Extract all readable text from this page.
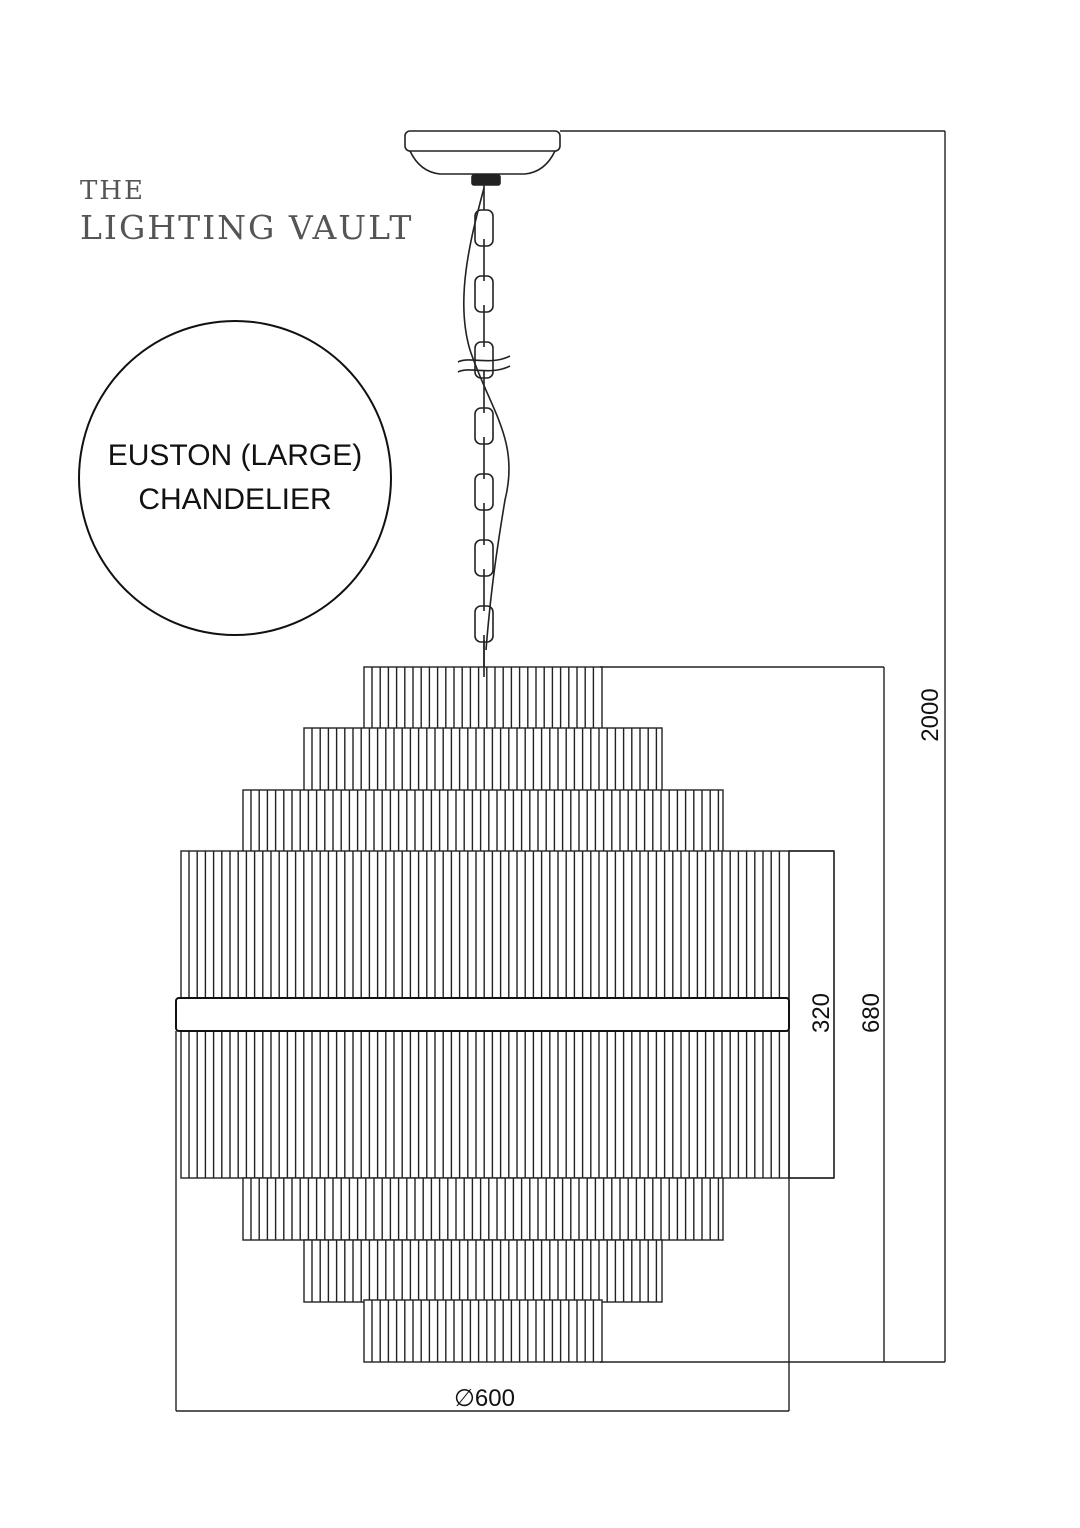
THE
LIGHTING VAULT
EUSTON (LARGE)
CHANDELIER
2000
680
320
∅600
